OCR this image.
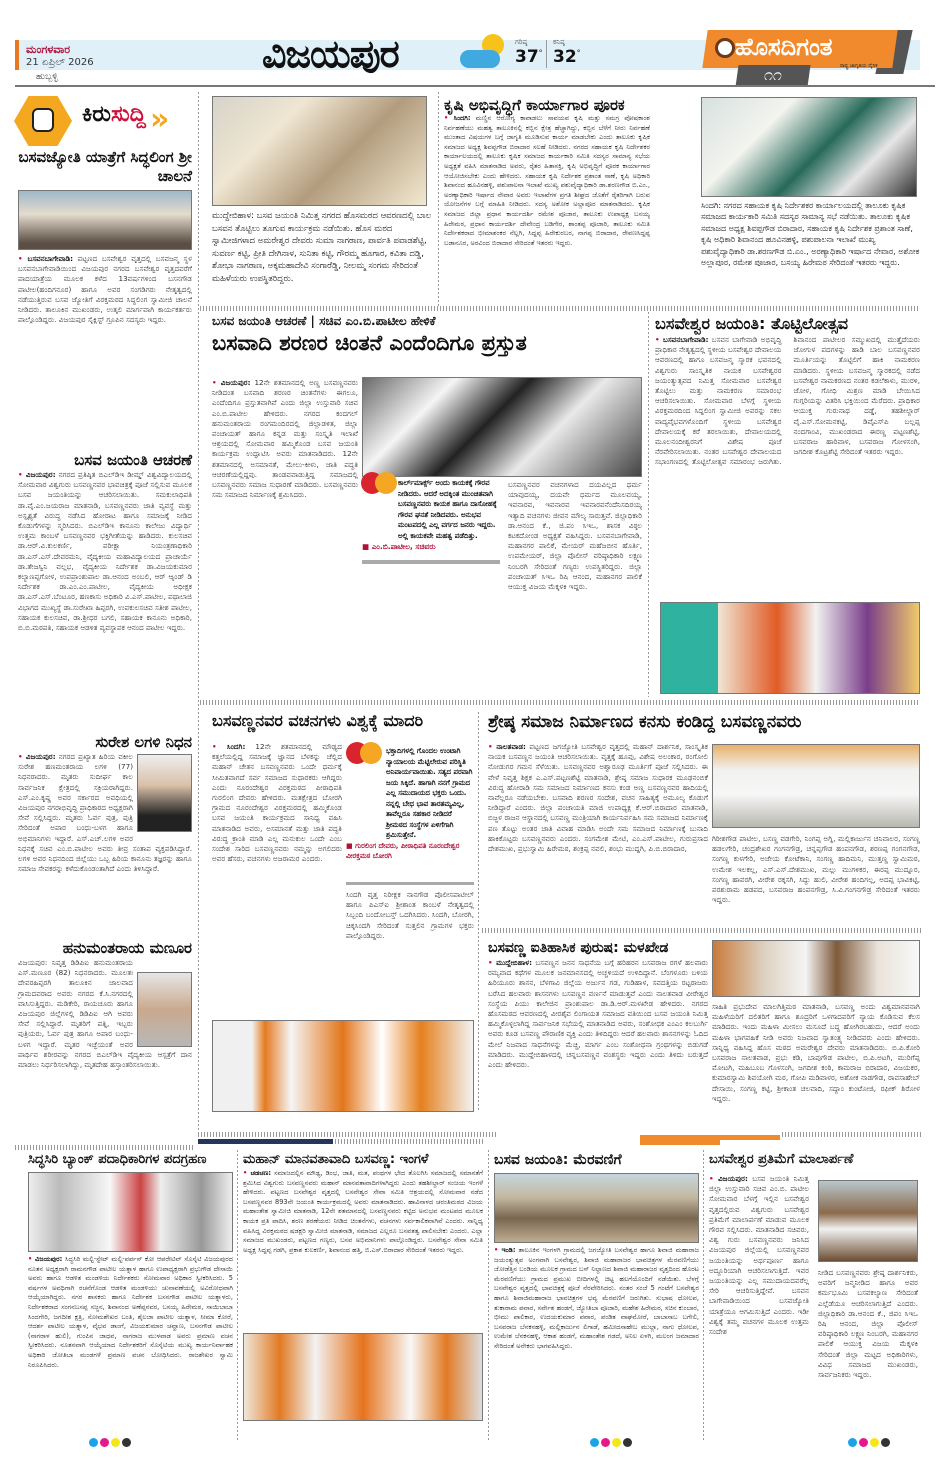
ಮಂಗಳವಾರ
21 ಏಪ್ರಿಲ್ 2026
ಹುಬ್ಬಳ್ಳಿ
ವಿಜಯಪುರ	ಗರಿಷ್ಠ
37°
ಕನಿಷ್ಠ
32°	ಹೊಸದಿಗಂತ
ರಾಷ್ಟ್ರ ಜಾಗೃತಿಯ ದೈನಿಕ
೧೧
ಕಿರುಸುದ್ದಿ »
ಬಸವಜ್ಯೋತಿ ಯಾತ್ರೆಗೆ ಸಿದ್ಧಲಿಂಗ ಶ್ರೀ ಚಾಲನೆ

• ಬಸವನಬಾಗೇವಾಡಿ: ಪಟ್ಟಣದ ಬಸವೇಶ್ವರ ವೃತ್ತದಲ್ಲಿ ಬಸವಜನ್ಮ ಸ್ಥಳ ಬಸವನಬಾಗೇವಾಡಿಯಿಂದ ವಿಜಯಪುರ ನಗರದ ಬಸವೇಶ್ವರ ವೃತ್ತದವರೆಗೆ ಪಾದಯಾತ್ರೆಯ ಮೂಲಕ ಕಳೆದ 13ವರ್ಷಗಳಿಂದ ಬಸನಗೌಡ ಪಾಟೀಲ(ಹಂದಿಗನೂರ) ಹಾಗೂ ಅವರ ಸಂಗಡಿಗರು ನೇತೃತ್ವದಲ್ಲಿ ನಡೆಯುತ್ತಿರುವ ಬಸವ ಜ್ಯೋತಿಗೆ ವಿರಕ್ತಮಠದ ಸಿದ್ಧಲಿಂಗ ಸ್ವಾಮೀಜಿ ಚಾಲನೆ ನೀಡಿದರು. ತಾಲೂಕಿನ ಮುಖಂಡರು, ಉತ್ಕಲಿ ಮಾರ್ಗವಾಗಿ ಕಾರ್ಯಕರ್ತರು ಪಾಲ್ಗೊಂಡಿದ್ದರು. ವಿಜಯಪುರ ಸೈಕ್ಲಿಸ್ಟ್ ಗ್ರೂಪಿನ ಸದಸ್ಯರು ಇದ್ದರು.

ಬಸವ ಜಯಂತಿ ಆಚರಣೆ

• ವಿಜಯಪುರ: ನಗರದ ಪ್ರತಿಷ್ಠಿತ ಬಿಎಲ್‌ಡಿಇ ಡೀಮ್ಡ್ ವಿಶ್ವವಿದ್ಯಾಲಯದಲ್ಲಿ ಸೋಮವಾರ ವಿಶ್ವಗುರು ಬಸವಣ್ಣನವರ ಭಾವಚಿತ್ರಕ್ಕೆ ಪೂಜೆ ಸಲ್ಲಿಸುವ ಮೂಲಕ ಬಸವ ಜಯಂತಿಯನ್ನು ಆಚರಿಸಲಾಯಿತು. ಸಮಕುಲಾಧಿಪತಿ ಡಾ.ವೈ.ಎಂ.ಜಯರಾಜ ಮಾತನಾಡಿ, ಬಸವಣ್ಣನವರು ಜಾತಿ ವ್ಯವಸ್ಥೆ ಮತ್ತು ಅಸ್ಪೃಶ್ಯತೆ ವಿರುದ್ಧ ನಡೆಸಿದ ಹೋರಾಟ ಹಾಗೂ ಸಮಾಜಕ್ಕೆ ನೀಡಿದ ಕೊಡುಗೆಗಳನ್ನು ಸ್ಮರಿಸಿದರು. ಬಿಎಲ್‌ಡಿಇ ಕಾನೂನು ಕಾಲೇಜು ವಿದ್ಯಾರ್ಥಿ ಉತ್ತಮ ಕಾಂಬಳೆ ಬಸವಣ್ಣನವರ ಭಕ್ತಿಗೀತೆಯನ್ನು ಹಾಡಿದರು. ಕುಲಸಚಿವ ಡಾ.ಆರ್.ವಿ.ಕುಲಕರ್ಣಿ, ಪರೀಕ್ಷಾ ನಿಯಂತ್ರಣಾಧಿಕಾರಿ ಡಾ.ಎಸ್.ಎಸ್.ದೇವರಮನಿ, ವೈದ್ಯಕೀಯ ಮಹಾವಿದ್ಯಾಲಯದ ಪ್ರಾಚಾರ್ಯೆ ಡಾ.ತೇಜಸ್ವಿನಿ ವಲ್ಲಭ, ವೈದ್ಯಕೀಯ ನಿರ್ದೇಶಕ ಡಾ.ವಿಜಯಕುಮಾರ ಕಲ್ಯಾಣಪ್ಪಗೋಳ, ಉಪಪ್ರಾಂಶುಪಾಲ ಡಾ.ಆನಂದ ಅಂಬಲಿ, ಆರ್ ಆ್ಯಂಡ್ ಡಿ ನಿರ್ದೇಶಕ ಡಾ.ಎಂ.ಎಂ.ಪಾಟೀಲ, ವೈದ್ಯಕೀಯ ಅಧೀಕ್ಷಕ ಡಾ.ಎಸ್.ಎಸ್.ಬೆಂಟೂರ, ಹಣಕಾಸು ಅಧಿಕಾರಿ ವಿ.ಎಸ್.ಪಾಟೀಲ, ಪಥಾಲಾಜಿ ವಿಭಾಗದ ಮುಖ್ಯಸ್ಥೆ ಡಾ.ಸುರೇಖಾ ಹಿಪ್ಪರಗಿ, ಉಪಕುಲಸಚಿವ ಸತೀಶ ಪಾಟೀಲ, ಸಹಾಯಕ ಕುಲಸಚಿವ, ಡಾ.ಶ್ರೀಧರ ಬಗಲಿ, ಸಹಾಯಕ ಕಾನೂನು ಅಧಿಕಾರಿ, ಬಿ.ಬಿ.ಮಠಪತಿ, ಸಹಾಯಕ ಆಡಳಿತ ವ್ಯವಸ್ಥಾಪಕ ಆನಂದ ಪಾಟೀಲ ಇದ್ದರು.

ಸುರೇಶ ಲಗಳಿ ನಿಧನ

• ವಿಜಯಪುರ: ನಗರದ ಪ್ರಖ್ಯಾತ ಹಿರಿಯ ವಕೀಲ ಸುರೇಶ ಹಣಮಂತರಾಯ ಲಗಳಿ (77) ನಿಧನರಾದರು. ಮೃತರು ಸುದೀರ್ಘ ಕಾಲ ಸಾರ್ವಜನಿಕ ಕ್ಷೇತ್ರದಲ್ಲಿ ಸಕ್ರಿಯರಾಗಿದ್ದರು. ಎಸ್.ಎಂ.ಕೃಷ್ಣ ಅವರ ಸರ್ಕಾರದ ಅವಧಿಯಲ್ಲಿ ವಿಜಯಪುರ ನಗರಾಭಿವೃದ್ಧಿ ಪ್ರಾಧಿಕಾರದ ಅಧ್ಯಕ್ಷರಾಗಿ ಸೇವೆ ಸಲ್ಲಿಸಿದ್ದರು. ಮೃತರು ಓರ್ವ ಪುತ್ರ, ಪುತ್ರಿ ಸೇರಿದಂತೆ ಅಪಾರ ಬಂಧು-ಬಳಗ ಹಾಗೂ ಅಭಿಮಾನಿಗಳು ಇದ್ದಾರೆ. ಎಸ್.ಎಚ್.ಲಗಳಿ ಅವರ ನಿಧನಕ್ಕೆ ಸಚಿವ ಎಂ.ಬಿ.ಪಾಟೀಲ ಅವರು ತೀವ್ರ ಸಂತಾಪ ವ್ಯಕ್ತಪಡಿಸಿದ್ದಾರೆ. ಲಗಳಿ ಅವರ ನಿಧನದಿಂದ ಜಿಲ್ಲೆಯು ಒಬ್ಬ ಹಿರಿಯ ಕಾನೂನು ತಜ್ಞರನ್ನು ಹಾಗೂ ಸಮಾಜ ಸೇವಕರನ್ನು ಕಳೆದುಕೊಂಡಂತಾಗಿದೆ ಎಂದು ತಿಳಿಸಿದ್ದಾರೆ.

ಹನುಮಂತರಾಯ ಮಣೂರ

ವಿಜಯಪುರ: ನಿವೃತ್ತ ಡಿಡಿಪಿಐ ಹನುಮಂತರಾಯ ಎಸ್.ಮಣೂರ (82) ನಿಧನರಾದರು. ಮೂಲತಃ ದೇವರಹಿಪ್ಪರಗಿ ತಾಲೂಕಿನ ಜಾಲವಾದ ಗ್ರಾಮದವರಾದ ಅವರು ನಗರದ ಕೆ.ಸಿ.ನಗರದಲ್ಲಿ ವಾಸಿಸುತ್ತಿದ್ದರು. ಮಡಿಕೇರಿ, ರಾಯಚೂರು ಹಾಗೂ ವಿಜಯಪುರ ಜಿಲ್ಲೆಗಳಲ್ಲಿ ಡಿಡಿಪಿಐ ಆಗಿ ಅವರು ಸೇವೆ ಸಲ್ಲಿಸಿದ್ದಾರೆ. ಮೃತರಿಗೆ ಪತ್ನಿ, ಇಬ್ಬರು ಪುತ್ರಿಯರು, ಓರ್ವ ಪುತ್ರ ಹಾಗೂ ಅಪಾರ ಬಂಧು-ಬಳಗ ಇದ್ದಾರೆ. ಮೃತರ ಇಚ್ಛೆಯಂತೆ ಅವರ ಪಾರ್ಥಿವ ಶರೀರವನ್ನು ನಗರದ ಬಿಎಲ್‌ಡಿಇ ವೈದ್ಯಕೀಯ ಆಸ್ಪತ್ರೆಗೆ ದಾನ ಮಾಡಲು ನಿರ್ಧರಿಸಲಾಗಿದ್ದು, ಮೃತದೇಹ ಹಸ್ತಾಂತರಿಸಲಾಯಿತು.

ಮುದ್ದೇಬಿಹಾಳ: ಬಸವ ಜಯಂತಿ ನಿಮಿತ್ತ ನಗರದ ಹೊಸಮಠದ ಆವರಣದಲ್ಲಿ ಬಾಲ ಬಸವನ ತೊಟ್ಟಿಲು ತೂಗುವ ಕಾರ್ಯಕ್ರಮ ನಡೆಯಿತು. ಹೊಸ ಮಠದ ಸ್ವಾಮೀಜಿಗಳಾದ ಅಮರೇಶ್ವರ ದೇವರು ಸುಮಾ ನಾಗಠಾಣ, ಪಾರ್ವತಿ ಪವಾಡಶೆಟ್ಟಿ, ಸುವರ್ಣ ಕಟ್ಟಿ, ಪ್ರೀತಿ ದೇಗಿನಾಳ, ಸುನಿತಾ ಕಟ್ಟಿ, ಗೌರಮ್ಮ ಹೂಗಾರ, ಕವಿತಾ ದಡ್ಡಿ, ಶೋಭಾ ನಾಗಠಾಣ, ಅಕ್ಕಮಹಾದೇವಿ ಸಂಗಾರೆಡ್ಡಿ, ನೀಲಮ್ಮ ಸಂಗಮ ಸೇರಿದಂತೆ ಮಹಿಳೆಯರು ಉಪಸ್ಥಿತರಿದ್ದರು.

ಕೃಷಿ ಅಭಿವೃದ್ಧಿಗೆ ಕಾರ್ಯಾಗಾರ ಪೂರಕ

• ಸಿಂದಗಿ: ಮಣ್ಣಿನ ಆರೋಗ್ಯ ಕಾಪಾಡಲು ಸಾವಯವ ಕೃಷಿ ಮತ್ತು ಸಮಗ್ರ ಪೋಷಕಾಂಶ ನಿರ್ವಹಣೆಯು ಮಹತ್ವ ತಾಲೂಕಿನಲ್ಲಿ ಕಬ್ಬಿನ ಕ್ಷೇತ್ರ ಹೆಚ್ಚಾಗಿದ್ದು, ಕಬ್ಬಿನ ಬೆಳೆಗೆ ನೀರು ನಿರ್ವಹಣೆ ಮುಂತಾದ ವಿಷಯಗಳ ಬಗ್ಗೆ ಜಾಗೃತಿ ಮೂಡಿಸುವ ಕಾರ್ಯ ಮಾಡಬೇಕು ಎಂದು ತಾಲೂಕು ಕೃಷಿಕ ಸಮಾಜದ ಅಧ್ಯಕ್ಷ ಶಿವಪ್ಪಗೌಡ ಬಿರಾದಾರ ಸಲಹೆ ನೀಡಿದರು. ನಗರದ ಸಹಾಯಕ ಕೃಷಿ ನಿರ್ದೇಶಕರ ಕಾರ್ಯಾಲಯದಲ್ಲಿ ತಾಲೂಕು ಕೃಷಿಕ ಸಮಾಜದ ಕಾರ್ಯಕಾರಿ ಸಮಿತಿ ಸದಸ್ಯರ ಸಾಮಾನ್ಯ ಸಭೆಯ ಅಧ್ಯಕ್ಷತೆ ವಹಿಸಿ ಮಾತನಾಡಿದ ಅವರು, ರೈತರ ಹಿತಾಸಕ್ತಿ, ಕೃಷಿ ಅಭಿವೃದ್ಧಿಗೆ ಪೂರಕ ಕಾರ್ಯಾಗಾರ ಆಯೋಜಿಸಬೇಕು ಎಂದು ಹೇಳಿದರು. ಸಹಾಯಕ ಕೃಷಿ ನಿರ್ದೇಶಕ ಪ್ರಶಾಂತ ಸಾಣೆ, ಕೃಷಿ ಅಧಿಕಾರಿ ಶಿವಾನಂದ ಹೂವಿನಹಳ್ಳಿ, ಪಶುಪಾಲನಾ ಇಲಾಖೆ ಮುಖ್ಯ ಪಶುವೈದ್ಯಾಧಿಕಾರಿ ಡಾ.ಶರಣಗೌಡ ಬಿ.ಎಂ., ಅರಣ್ಯಾಧಿಕಾರಿ ಇರ್ಷಾದ ನೇವಾರ ಅವರು ಇಲಾಖೆಗಳ ಪ್ರಗತಿ ಶೀಘ್ರದ ಜೊತೆಗೆ ರೈತರಿಗಾಗಿ ಬರುವ ಯೋಜನೆಗಳ ಬಗ್ಗೆ ಮಾಹಿತಿ ನೀಡಿದರು. ಸದಸ್ಯ ಅಶೋಕ ಅಲ್ಲಾಪೂರ ಮಾತನಾಡಿದರು. ಕೃಷಿಕ ಸಮಾಜದ ಜಿಲ್ಲಾ ಪ್ರಧಾನ ಕಾರ್ಯದರ್ಶಿ ರಮೇಶ ಪೂಜಾರ, ತಾಲೂಕು ಉಪಾಧ್ಯಕ್ಷ ಬಸಯ್ಯ ಹಿರೇಮಠ, ಪ್ರಧಾನ ಕಾರ್ಯದರ್ಶಿ ದೇವೇಂದ್ರ ಬಡಿಗೇರ, ಶಾಂತಪ್ಪ ಪೂಜಾರಿ, ತಾಲೂಕು ಸಮಿತಿ ನಿರ್ದೇಶಕರಾದ ಭೀಮಾಶಂಕರ ನೆಲ್ಲಗಿ, ಸಿದ್ದಪ್ಪ ಹಿರೇಕುರಬರ, ನಾಗಪ್ಪ ಬಿರಾದಾರ, ರೇವಣಸಿದ್ದಪ್ಪ ಬಡಾನೂರ, ಅರವಿಂದ ಬಿರಾದಾರ ಸೇರಿದಂತೆ ಇತರರು ಇದ್ದರು.

ಸಿಂದಗಿ: ನಗರದ ಸಹಾಯಕ ಕೃಷಿ ನಿರ್ದೇಶಕರ ಕಾರ್ಯಾಲಯದಲ್ಲಿ ತಾಲೂಕು ಕೃಷಿಕ ಸಮಾಜದ ಕಾರ್ಯಕಾರಿ ಸಮಿತಿ ಸದಸ್ಯರ ಸಾಮಾನ್ಯ ಸಭೆ ನಡೆಯಿತು. ತಾಲೂಕು ಕೃಷಿಕ ಸಮಾಜದ ಅಧ್ಯಕ್ಷ ಶಿವಪ್ಪಗೌಡ ಬಿರಾದಾರ, ಸಹಾಯಕ ಕೃಷಿ ನಿರ್ದೇಶಕ ಪ್ರಶಾಂತ ಸಾಣೆ, ಕೃಷಿ ಅಧಿಕಾರಿ ಶಿವಾನಂದ ಹೂವಿನಹಳ್ಳಿ, ಪಶುಪಾಲನಾ ಇಲಾಖೆ ಮುಖ್ಯ ಪಶುವೈದ್ಯಾಧಿಕಾರಿ ಡಾ.ಶರಣಗೌಡ ಬಿ.ಎಂ., ಅರಣ್ಯಾಧಿಕಾರಿ ಇರ್ಷಾದ ನೇವಾರ, ಅಶೋಕ ಅಲ್ಲಾಪೂರ, ರಮೇಶ ಪೂಜಾರ, ಬಸಯ್ಯ ಹಿರೇಮಠ ಸೇರಿದಂತೆ ಇತರರು ಇದ್ದರು.

ಬಸವ ಜಯಂತಿ ಆಚರಣೆ | ಸಚಿವ ಎಂ.ಬಿ.ಪಾಟೀಲ ಹೇಳಿಕೆ
ಬಸವಾದಿ ಶರಣರ ಚಿಂತನೆ ಎಂದೆಂದಿಗೂ ಪ್ರಸ್ತುತ

• ವಿಜಯಪುರ: 12ನೇ ಶತಮಾನದಲ್ಲಿ ಅಣ್ಣ ಬಸವಣ್ಣನವರು ನೀಡಿದಂತ ಬಸವಾದಿ ಶರಣರ ಚಿಂತನೆಗಳು ಈಗಲೂ, ಎಂದೆಂದಿಗೂ ಪ್ರಸ್ತುತವಾಗಿವೆ ಎಂದು ಜಿಲ್ಲಾ ಉಸ್ತುವಾರಿ ಸಚಿವ ಎಂ.ಬಿ.ಪಾಟೀಲ ಹೇಳಿದರು. ನಗರದ ಕಂದಗಲ್ ಹನುಮಂತರಾಯ ರಂಗಮಂದಿರದಲ್ಲಿ ಜಿಲ್ಲಾಡಳಿತ, ಜಿಲ್ಲಾ ಪಂಚಾಯತ್ ಹಾಗೂ ಕನ್ನಡ ಮತ್ತು ಸಂಸ್ಕೃತಿ ಇಲಾಖೆ ಆಶ್ರಯದಲ್ಲಿ ಸೋಮವಾರ ಹಮ್ಮಿಕೊಂಡ ಬಸವ ಜಯಂತಿ ಕಾರ್ಯಕ್ರಮ ಉದ್ಘಾಟಿಸಿ ಅವರು ಮಾತನಾಡಿದರು. 12ನೇ ಶತಮಾನದಲ್ಲಿ ಅಸಮಾನತೆ, ಮೇಲು-ಕೀಳು, ಜಾತಿ ಪದ್ಧತಿ ಆಚರಣೆಯಲ್ಲಿದ್ದವು. ತಾಂಡವವಾಡುತ್ತಿದ್ದ ಸಮಾಜದಲ್ಲಿ ಬಸವಣ್ಣನವರು ಸಮಾಜ ಸುಧಾರಣೆ ಮಾಡಿದರು. ಬಸವಣ್ಣನವರು ಸಮ ಸಮಾಜದ ನಿರ್ಮಾಣಕ್ಕೆ ಶ್ರಮಿಸಿದರು.

ಕಾರ್ಲ್‌ಮಾರ್ಕ್ಸ್ ಅಂದು ಕಾಯಕಕ್ಕೆ ಗೌರವ ನೀಡಿದರು. ಆದರೆ ಅದಕ್ಕಿಂತ ಮುಂಚಿತವಾಗಿ ಬಸವಣ್ಣನವರು ಕಾಯಕ ಹಾಗೂ ದಾಸೋಹಕ್ಕೆ ಗೌರವ ಘನತೆ ನೀಡಿದವರು. ಅನುಭವ ಮಂಟಪದಲ್ಲಿ ಎಲ್ಲ ವರ್ಗದ ಜನರು ಇದ್ದರು. ಅಲ್ಲಿ ಕಾಯಕವೇ ಮಹತ್ವ ಪಡೆದಿತ್ತು.

■ ಎಂ.ಬಿ.ಪಾಟೀಲ, ಸಚಿವರು

ಬಸವಣ್ಣನವರ ವಚನಗಳಾದ ದಯವಿಲ್ಲದ ಧರ್ಮ ಯಾವುದಯ್ಯ, ದಯವೇ ಧರ್ಮದ ಮೂಲವಯ್ಯ, ಇವನಾರವ, ಇವನಾರವ ಇವನಾರವನೆಂದೆನಿಸದಿರಯ್ಯ ಇತ್ಯಾದಿ ವಚನಗಳು ಜೀವನ ಮೌಲ್ಯ ಸಾರುತ್ತವೆ. ಜಿಲ್ಲಾಧಿಕಾರಿ ಡಾ.ಆನಂದ ಕೆ., ಜಿ.ಪಂ ಸಿಇಒ, ಶಾಸಕ ವಿಠ್ಠಲ ಕಟಕದೋಂಡ ಅಧ್ಯಕ್ಷತೆ ವಹಿಸಿದ್ದರು. ಬಸವನಬಾಗೇವಾಡಿ, ಮಹಾನಗರ ಪಾಲಿಕೆ, ಮೇಯರ್ ಮಹೆಜಬೀನ ಹೊರ್ತಿ, ಉಪಮೇಯರ್, ಜಿಲ್ಲಾ ಪೊಲೀಸ್ ವರಿಷ್ಠಾಧಿಕಾರಿ ಲಕ್ಷ್ಮಣ ನಿಂಬರಗಿ ಸೇರಿದಂತೆ ಗಣ್ಯರು ಉಪಸ್ಥಿತರಿದ್ದರು. ಜಿಲ್ಲಾ ಪಂಚಾಯತ್ ಸಿಇಒ ರಿಷಿ ಆನಂದ, ಮಹಾನಗರ ಪಾಲಿಕೆ ಆಯುಕ್ತ ವಿಜಯ ಮೆಕ್ಕಳಕಿ ಇದ್ದರು.

ಬಸವೇಶ್ವರ ಜಯಂತಿ: ತೊಟ್ಟಿಲೋತ್ಸವ

• ಬಸವನಬಾಗೇವಾಡಿ: ಬಸವನ ಬಾಗೇವಾಡಿ ಅಭಿವೃದ್ಧಿ ಪ್ರಾಧಿಕಾರ ನೇತೃತ್ವದಲ್ಲಿ ಸ್ಥಳೀಯ ಬಸವೇಶ್ವರ ದೇವಾಲಯ ಆವರಣದಲ್ಲಿ ಹಾಗೂ ಬಸವಜನ್ಮ ಸ್ಮಾರಕ ಭವನದಲ್ಲಿ ವಿಶ್ವಗುರು ಸಾಂಸ್ಕೃತಿಕ ನಾಯಕ ಬಸವೇಶ್ವರರ ಜಯಂತ್ಯುತ್ಸವದ ನಿಮಿತ್ತ ಸೋಮವಾರ ಬಸವೇಶ್ವರ ತೊಟ್ಟಿಲು ಮತ್ತು ನಾಮಕರಣ ಸಮಾರಂಭ ಆಚರಿಸಲಾಯಿತು. ಸೋಮವಾರ ಬೆಳಗ್ಗೆ ಸ್ಥಳೀಯ ವಿರಕ್ತಮಠದಿಂದ ಸಿದ್ದಲಿಂಗ ಸ್ವಾಮೀಜಿ ಅವರನ್ನು ಸಕಲ ವಾದ್ಯವೈಭವಗಳೊಂದಿಗೆ ಸ್ಥಳೀಯ ಬಸವೇಶ್ವರ ದೇವಾಲಯಕ್ಕೆ ಕರೆ ತರಲಾಯಿತು, ದೇವಾಲಯದಲ್ಲಿ ಮೂಲನಂದೀಶ್ವರನಿಗೆ ವಿಶೇಷ ಪೂಜೆ ನೆರವೇರಿಸಲಾಯಿತು. ನಂತರ ಬಸವೇಶ್ವರ ದೇವಾಲಯದ ಸಭಾಂಗಣದಲ್ಲಿ ತೊಟ್ಟಿಲೋತ್ಸವ ಸಮಾರಂಭ ಜರುಗಿತು. ಶಿವಾನಂದ ಪಾಟೀಲರ ಸಮ್ಮುಖದಲ್ಲಿ ಮುತ್ತೈದೆಯರು ಜೋಗುಳ ಪದಗಳನ್ನು ಹಾಡಿ ಬಾಲ ಬಸವಣ್ಣನವರ ಮೂರ್ತಿಯನ್ನು ತೊಟ್ಟಿಲಿಗೆ ಹಾಕಿ ನಾಮಕರಣ ಮಾಡಿದರು. ಸ್ಥಳೀಯ ಬಸವಜನ್ಮ ಸ್ಮಾರಕದಲ್ಲಿ ನಡೆದ ಬಸವೇಶ್ವರ ನಾಮಕರಣದ ನಂತರ ಕಡಲೆಕಾಳು, ಮುರಳಿ, ಜೋಳ, ಗೋಧಿ ಮಿಶ್ರಣ ಮಾಡಿ ಬೇಯಿಸಿದ ಗುಗ್ಗರಿಯನ್ನು ವಿತರಿಸಿ ಭಕ್ತಿಯಿಂದ ಮೆರೆದರು. ಪ್ರಾಧಿಕಾರ ಆಯುಕ್ತ ಗುರುನಾಥ ದಡ್ಡೆ, ತಹಶೀಲ್ದಾರ್ ವೈ.ಎಸ್.ಸೋಮನಕಟ್ಟಿ, ಡಿವೈಎಸ್‌ಪಿ ಬಲ್ಲಪ್ಪ ನಂದಗಾಂವಿ, ಮುಖಂಡರಾದ ಈರಣ್ಣ ಪಟ್ಟಣಶೆಟ್ಟಿ, ಬಸವರಾಜ ಹಾರಿವಾಳ, ಬಸವರಾಜ ಗೋಳಸಂಗಿ, ಜಗದೀಶ ಕೊಟ್ರಶೆಟ್ಟಿ ಸೇರಿದಂತೆ ಇತರರು ಇದ್ದರು.

ಬಸವಣ್ಣನವರ ವಚನಗಳು ವಿಶ್ವಕ್ಕೆ ಮಾದರಿ

• ಸಿಂದಗಿ: 12ನೇ ಶತಮಾನದಲ್ಲಿ ಮೌಢ್ಯದ ಕತ್ತಲೆಯಲ್ಲಿದ್ದ ಸಮಾಜಕ್ಕೆ ಜ್ಞಾನದ ಬೆಳಕನ್ನು ಚೆಲ್ಲಿದ ಮಹಾನ್ ಚೇತನ ಬಸವಣ್ಣನವರು ಒಂದೇ ಧರ್ಮಕ್ಕೆ ಸೀಮಿತವಾಗದೆ ಸರ್ವ ಸಮಾಜದ ಸುಧಾರಕರು ಆಗಿದ್ದರು ಎಂದು ನೂರಂದೇಶ್ವರ ವಿರಕ್ತಮಠದ ಪೀಠಾಧಿಪತಿ ಗುರಲಿಂಗ ದೇವರು ಹೇಳಿದರು. ಮತಕ್ಷೇತ್ರದ ಬೋರಗಿ ಗ್ರಾಮದ ನೂರಂದೇಶ್ವರ ವಿರಕ್ತಮಠದಲ್ಲಿ ಹಮ್ಮಿಕೊಂಡ ಬಸವ ಜಯಂತಿ ಕಾರ್ಯಕ್ರಮದ ಸಾನಿಧ್ಯ ವಹಿಸಿ ಮಾತನಾಡಿದ ಅವರು, ಅಸಮಾನತೆ ಮತ್ತು ಜಾತಿ ಪದ್ಧತಿ ವಿರುದ್ಧ ಕ್ರಾಂತಿ ಮಾಡಿ ಎಲ್ಲ ಮನುಕುಲ ಒಂದೇ ಎಂಬ ಸಂದೇಶ ಸಾರಿದ ಬಸವಣ್ಣನವರು ನಮ್ಮನ್ನು ಅಗಲಿದರು ಅವರ ಹೆಸರು, ವಚನಗಳು ಅಜರಾಮರ ಎಂದರು.

ಭಕ್ತಾದಿಗಳಲ್ಲಿ ಗೊಂದಲ ಉಂಟಾಗಿ ನ್ಯಾಯಾಲಯ ಮೆಟ್ಟಿಲೇರುವ ಪರಿಸ್ಥಿತಿ ಅನಿವಾರ್ಯವಾಯಿತು. ಸತ್ಯದ ಪರವಾಗಿ ಜಯ ಸಿಕ್ಕಿದೆ. ಹಾಗಾಗಿ ನನಗೆ ಗ್ರಾಮದ ಎಲ್ಲ ಸಮುದಾಯದ ಭಕ್ತರು ಒಂದು. ನನ್ನಲ್ಲಿ ಬೇಧ ಭಾವ ತಾರತಮ್ಯವಿಲ್ಲ, ತಾವೆಲ್ಲರೂ ಸಹಕಾರ ನೀಡಿದರೆ ಶ್ರೀಮಠದ ಸಂಸ್ಥೆಗಳ ಏಳಿಗೆಗಾಗಿ ಶ್ರಮಿಸುತ್ತೇನೆ.

■ ಗುರಲಿಂಗ ದೇವರು, ಪೀಠಾಧಿಪತಿ ನೂರಂದೇಶ್ವರ ವೀರಕ್ತಮಠ ಬೋರಗಿ

ಸಿಂದಗಿ ವೃತ್ತ ನಿರೀಕ್ಷಕ ನಾನಗೌಡ ಪೊಲೀಸಪಾಟೀಲ್ ಹಾಗೂ ಪಿಎಸ್‌ಐ ಶ್ರೀಶಾಂತ ಕಾಂಬಳೆ ನೇತೃತ್ವದಲ್ಲಿ ಸಿಬ್ಬಂದಿ ಬಂದೋಬಸ್ತ್ ಒದಗಿಸಿದರು. ಸಿಂದಗಿ, ಬೋರಗಿ, ಚಿಕ್ಕಸಿಂದಗಿ ಸೇರಿದಂತೆ ಸುತ್ತಲಿನ ಗ್ರಾಮಗಳ ಭಕ್ತರು ಪಾಲ್ಗೊಂಡಿದ್ದರು.

ಶ್ರೇಷ್ಠ ಸಮಾಜ ನಿರ್ಮಾಣದ ಕನಸು ಕಂಡಿದ್ದ ಬಸವಣ್ಣನವರು

• ನಾಲತವಾಡ: ಪಟ್ಟಣದ ಜಗಜ್ಯೋತಿ ಬಸವೇಶ್ವರ ವೃತ್ತದಲ್ಲಿ ಮಹಾನ್ ದಾರ್ಶನಿಕ, ಸಾಂಸ್ಕೃತಿಕ ನಾಯಕ ಬಸವಣ್ಣನ ಜಯಂತಿ ಆಚರಿಸಲಾಯಿತು. ವೃತ್ತಕ್ಕೆ ಹೂವು, ವಿಶೇಷ ಅಲಂಕಾರ, ರಂಗೋಲಿ ನೋಡುಗರ ಗಮನ ಸೆಳೆಯಿತು. ಬಸವಣ್ಣನವರ ಅಶ್ವಾರೂಢ ಮೂರ್ತಿಗೆ ಪೂಜೆ ಸಲ್ಲಿಸಿದರು. ಈ ವೇಳೆ ನಿವೃತ್ತ ಶಿಕ್ಷಕ ಎ.ಎಸ್.ಪಟ್ಟಣಶೆಟ್ಟಿ ಮಾತನಾಡಿ, ಶ್ರೇಷ್ಠ ಸಮಾಜ ಸುಧಾರಕ ಮೂಢನಂಬಿಕೆ ವಿರುದ್ಧ ಹೋರಾಡಿ ಸಮ ಸಮಾಜದ ನಿರ್ಮಾಣದ ಕನಸು ಕಂಡ ಅಣ್ಣ ಬಸವಣ್ಣನವರ ಹಾದಿಯಲ್ಲಿ ನಾವೆಲ್ಲರೂ ನಡೆಯಬೇಕು. ಬಸವಾದಿ ಶರಣರ ಸಂದೇಶ, ವಚನ ಸಾಹಿತ್ಯಕ್ಕೆ ಅಮೂಲ್ಯ ಕೊಡುಗೆ ನೀಡಿದ್ದಾರೆ ಎಂದರು. ಜಿಲ್ಲಾ ಪಂಚಾಯತಿ ಮಾಜಿ ಉಪಾಧ್ಯಕ್ಷ ಕೆ.ಆರ್.ಬಿರಾದಾರ ಮಾತನಾಡಿ, ಬಿಜ್ಜಳ ರಾಜನ ಆಸ್ಥಾನದಲ್ಲಿ ಬಸವಣ್ಣ ಮಂತ್ರಿಯಾಗಿ ಕಾರ್ಯನಿರ್ವಹಿಸಿ ಸಮ ಸಮಾಜದ ನಿರ್ಮಾಣಕ್ಕೆ ಪಣ ತೊಟ್ಟು ಅಂತರ ಜಾತಿ ವಿವಾಹ ಮಾಡಿಸಿ ಅಂದೇ ಸಮ ಸಮಾಜದ ನಿರ್ಮಾಣಕ್ಕೆ ಬುನಾದಿ ಹಾಕಿಕೊಟ್ಟರು ಬಸವಣ್ಣನವರು ಎಂದರು. ಸಂಗಮೇಶ ಮೇಟಿ, ಎಂ.ಎಸ್.ಪಾಟೀಲ, ಗುರುಪ್ರಸಾದ ದೇಶಮುಖ, ಪ್ರಭುಸ್ವಾಮಿ ಹಿರೇಮಠ, ಶಂಕ್ರಪ್ಪ ನವಲಿ, ಶಂಭು ಮುದ್ದಗಿ, ಪಿ.ಬಿ.ಬಿರಾದಾರ,

ಗಿರೀಶಗೌಡ ಪಾಟೀಲ, ಬಸಣ್ಣ ವಡಗೇರಿ, ನಿಂಗಪ್ಪ ಅಗ್ನಿ, ಮಲ್ಲಿಕಾರ್ಜುನ ಚನಿವಾಲರ, ಸಂಗಣ್ಣ ಹಡಲಗೇರಿ, ಚಂದ್ರಶೇಖರ ಗಂಗನಗೌಡ್ರ, ಚನ್ನಪ್ಪಗೌಡ ಹಂಪನಗೌಡ, ಶರಣಪ್ಪ ಗಂಗನಗೌಡ, ಸಂಗಣ್ಣ ಕುಳಗೇರಿ, ಅಜೇಯ ಕೋಟೆಕಾನಿ, ಸಂಗಣ್ಣ ಹಾದಿಮನಿ, ಮುತ್ತಣ್ಣ ಸ್ವಾಮಿಮಠ, ಉಮೇಶ ಇಲಕಲ್ಲ, ಎಸ್.ಎಸ್.ದೇಶಮುಖ, ಮಲ್ಲು ಮುಗಳಿಕರ, ಈರಪ್ಪ ಮುದ್ನೂರ, ಸಂಗಣ್ಣ ಹಾವರಗಿ, ವೀರೇಶ ರಕ್ಕಸಗಿ, ಸಿದ್ದು ಹುಲಿ, ವೀರೇಶ ಹಂದಿಗಲ್ಲ, ಅದಪ್ಪ ಭಾವಿಕಟ್ಟಿ, ಪರಶುರಾಮ ಹಡಪದ, ಬಸವರಾಜ ಹಂಪನಗೌಡ್ರ, ಸಿ.ವಿ.ಗಂಗನಗೌಡ್ರ ಸೇರಿದಂತೆ ಇತರರು ಇದ್ದರು.

ಬಸವಣ್ಣ ಐತಿಹಾಸಿಕ ಪುರುಷ: ಮಳಖೇಡ

• ಮುದ್ದೇಬಿಹಾಳ: ಬಸವಣ್ಣನ ಜನನ ಸಾಧನೆಯ ಬಗ್ಗೆ ಹರಿಹರನ ಬಸವರಾಜ ರಗಳೆ ಹಲವಾರು ರಮ್ಯವಾದ ಕಥೆಗಳ ಮೂಲಕ ಜನಮಾನಸದಲ್ಲಿ ಅಚ್ಚಳಿಯದೆ ಉಳಿದಿದ್ದಾನೆ. ಬೆಂಗಳೂರು ಬಳಿಯ ಹಿರಿಯೂರು ಶಾಸನ, ಬೆಳಗಾವಿ ಜಿಲ್ಲೆಯ ಅರ್ಜುನ ಗಡ, ಗುಡಿಹಾಳ, ಸವದತ್ತಿಯ ರಟ್ಟರಾಜರು ಬರೆಸಿದ ಹಲವಾರು ಶಾಸನಗಳು ಬಸವಣ್ಣನ ವರ್ಣನೆ ಮಾಡುತ್ತವೆ ಎಂದು ನಾಲತವಾಡ ವೀರೇಶ್ವರ ಸಂಸ್ಥೆಯ ಪಿಯು ಕಾಲೇಜಿನ ಪ್ರಾಂಶುಪಾಲ ಡಾ.ಡಿ.ಆರ್.ಮಳಖೇಡ ಹೇಳಿದರು. ನಗರದ ಹೊಸಮಠದ ಆವರಣದಲ್ಲಿ ವೀರಶೈವ ಲಿಂಗಾಯತ ಸಮಾಜದ ವತಿಯಿಂದ ಬಸವ ಜಯಂತಿ ನಿಮಿತ್ತ ಹಮ್ಮಿಕೊಳ್ಳಲಾಗಿದ್ದ ಸಾರ್ವಜನಿಕ ಸಭೆಯಲ್ಲಿ ಮಾತನಾಡಿದ ಅವರು, ಸಂಶೋಧಕ ಎಂಎಂ ಕಲಬುರ್ಗಿ ಅವರು ಕೂಡ ಬಸವಣ್ಣ ಪೌರಾಣಿಕ ವ್ಯಕ್ತಿ ಎಂದು ತಿಳಿದಿದ್ದರು ಆದರೆ ಹಲವಾರು ಶಾಸನಗಳನ್ನು ಓದಿದ ಮೇಲೆ ನಿಜವಾದ ಸಾಧನೆಗಳನ್ನು ಮೆಚ್ಚಿ, ಮಾರ್ಗ ಎಂಬ ಸಂಶೋಧನಾ ಗ್ರಂಥಗಳನ್ನು ಬಿಡುಗಡೆ ಮಾಡಿದರು. ಮುದ್ದೇಬಿಹಾಳದಲ್ಲಿ ಚನ್ನಬಸವಣ್ಣನ ವಂಶಸ್ಥರು ಇದ್ದರು ಎಂದು ತಿಳಿದು ಬರುತ್ತದೆ ಎಂದು ಹೇಳಿದರು.

ಸಾಹಿತಿ ಪ್ರಭುದೇವ ಮಾಲಗಿತ್ತಿಮಠ ಮಾತನಾಡಿ, ಬಸವಣ್ಣ ಅಂದು ವಿಶ್ವಮಾನವನಾಗಿ ಮಹಿಳೆಯರಿಗೆ ದಲಿತರಿಗೆ ಹಾಗೂ ಶೂದ್ರರಿಗೆ ಒಳಗಾದವರಿಗೆ ನ್ಯಾಯ ಕೊಡಿಸುವ ಕೆಲಸ ಮಾಡಿದರು. ಇಂದು ಮಹಿಳಾ ಮೀಸಲು ಮಸೂದೆ ಬದ್ಧ ಹೋಗಿರಬಹುದು, ಆದರೆ ಅಂದು ಮಹಿಳಾ ಭಾಗವಹಿಕೆ ನೀಡಿ ಅವರು ನಿಜವಾದ ಸ್ವಾತಂತ್ರ್ಯ ನೀಡಿದವರು ಎಂದು ಹೇಳಿದರು. ಸಾನ್ನಿಧ್ಯ ವಹಿಸಿದ್ದ ಹೊಸ ಮಠದ ಅಮರೇಶ್ವರ ದೇವರು ಮಾತನಾಡಿದರು. ಬಿ.ಪಿ.ಕೋರಿ ಬಸವರಾಜ ನಾಲತವಾಡ, ಪ್ರಭು ಕಡಿ, ಬಾಪುಗೌಡ ಪಾಟೀಲ, ಬಿ.ಪಿ.ಅಟಗಿ, ಮುರಿಗೆಪ್ಪ ಮೋಟಗಿ, ಮಹಿಬೂಬ ಗೊಳಸಂಗಿ, ಜಗದೀಶ ಕಂಠಿ, ಕಾಮರಾಜ ಬಿರಾದಾರ, ವಿಜಯಕರ, ಕುಮಾರಸ್ವಾಮಿ ಶಿವಯೋಗಿ ಮಠ, ಗೋಪಿ ಮಡಿವಾಳರ, ಅಶೋಕ ನಾಡಗೌಡ, ರಾವಸಾಹೇಬ್ ದೇಸಾಯಿ, ಸಂಗಣ್ಣ ಕಟ್ಟಿ, ಶ್ರೀಕಾಂತ ಚಲವಾದಿ, ಸದ್ದಾಂ ಕುಂಟೋಜಿ, ರಫೀಕ್ ಶಿರೋಳ ಇದ್ದರು.

ಸಿದ್ಧಸಿರಿ ಬ್ಯಾಂಕ್ ಪದಾಧಿಕಾರಿಗಳ ಪದಗ್ರಹಣ

• ವಿಜಯಪುರ: ಸಿದ್ಧಸಿರಿ ಮಲ್ಟಿ-ಸ್ಟೇಟ್ ಮಲ್ಟಿ-ಪರ್ಪಸ್ ಕೋ ಆಪರೇಟಿವ್ ಸೊಸೈಟಿ ವಿಜಯಪುರದ ನೂತನ ಅಧ್ಯಕ್ಷರಾಗಿ ರಾಮನಗೌಡ ಪಾಟೀಲ ಯತ್ನಾಳ ಹಾಗೂ ಉಪಾಧ್ಯಕ್ಷರಾಗಿ ಪ್ರಭುಗೌಡ ದೇಸಾಯಿ ಅವರು ಹಾಗೂ ಆಡಳಿತ ಮಂಡಳಿಯ ನಿರ್ದೇಶಕರು ಸೋಮವಾರ ಅಧಿಕಾರ ಸ್ವೀಕರಿಸಿದರು. 5 ವರ್ಷಗಳ ಅವಧಿಗಾಗಿ ರಚನೆಗೊಂಡ ಆಡಳಿತ ಮಂಡಳಿಯು ಚುನಾವಣೆಯಲ್ಲಿ ಅವಿರೋಧವಾಗಿ ಆಯ್ಕೆಯಾಗಿದ್ದರು. ನಗರ ಶಾಸಕರು ಹಾಗೂ ನಿರ್ದೇಶಕ ಬಸನಗೌಡ ಪಾಟೀಲ ಯತ್ನಾಳರು, ನಿರ್ದೇಶಕರಾದ ಸಂಗನಬಸಪ್ಪ ಸಜ್ಜನ, ಶಿವಾನಂದ ಅಣೆಪ್ಪನವರ, ಬಸಯ್ಯ ಹಿರೇಮಠ, ಸಾಯಿಬಾಬಾ ಸಿಂದಗೇರಿ, ಜಗದೀಶ ಕ್ಷತ್ರಿ, ಸೋಮಶೇಖರ ಬಂತಿ, ಶೈಲಜಾ ಪಾಟೀಲ ಯತ್ನಾಳ, ಸೀಮಾ ಕೋರೆ, ಆದರ್ಶ ಪಾಟೀಲ ಯತ್ನಾಳ, ವೈಭವ ಡಾಂಗೆ, ವಿಜಯಕುಮಾರ ಚವ್ಹಾಣ, ಬಸನಗೌಡ ಪಾಟೀಲ (ನಾಗರಾಳ ಹುಲಿ), ಗುಂಪಿನ ಜಾಧವ, ನಾಗರಾಜ ಮುಳವಾಡ ಅವರು ಪ್ರಮಾಣ ವಚನ ಸ್ವೀಕರಿಸಿದರು. ನೂತನವಾಗಿ ಆಯ್ಕೆಯಾದ ನಿರ್ದೇಶಕರಿಗೆ ಸೊಸೈಟಿಯ ಮುಖ್ಯ ಕಾರ್ಯನಿರ್ವಾಹಕ ಅಧಿಕಾರಿ ಜೋತಿಬಾ ಮಂಡಗಳೆ ಪ್ರಮಾಣ ವಚನ ಬೋಧಿಸಿದರು. ರಾಜಶೇಖರ ಸ್ವಾಮಿ ನಿರೂಪಿಸಿದರು.

ಮಹಾನ್ ಮಾನವತಾವಾದಿ ಬಸವಣ್ಣ: ಇಂಗಳೆ

• ಚಡಚಣ: ಸಮಾಜದಲ್ಲಿನ ಮೌಢ್ಯ, ಡಿಂಭ, ಜಾತಿ, ಮತ, ಪಂಥಗಳ ಭೇದ ತೊಲಗಿಸಿ ಸಮಾಜದಲ್ಲಿ ಸಮಾನತೆಗೆ ಶ್ರಮಿಸಿದ ವಿಶ್ವಗುರು ಬಸವಣ್ಣನವರು ಮಹಾನ್ ಮಾನವತಾವಾದಿಗಳಾಗಿದ್ದರು ಎಂದು ತಹಶೀಲ್ದಾರ್ ಸಂಜಯ ಇಂಗಳೆ ಹೇಳಿದರು. ಪಟ್ಟಣದ ಬಸವೇಶ್ವರ ವೃತ್ತದಲ್ಲಿ ಬಸವೇಶ್ವರ ಸೇವಾ ಸಮಿತಿ ಆಶ್ರಯದಲ್ಲಿ ಸೋಮವಾರ ನಡೆದ ಬಸವಣ್ಣನವರ 893ನೇ ಜಯಂತಿ ಕಾರ್ಯಕ್ರಮದಲ್ಲಿ ಅವರು ಮಾತನಾಡಿದರು. ಹಾವಿನಾಳದ ಚರಂತಿಮಠದ ವಿಜಯ ಮಹಾಂತೇಶ ಸ್ವಾಮೀಜಿ ಮಾತನಾಡಿ, 12ನೇ ಶತಮಾನದಲ್ಲಿ ಬಸವಣ್ಣನವರು ಕಟ್ಟಿದ ಅನುಭವ ಮಂಟಪದ ಮೂಲಕ ಕಾಯಕ ಪ್ರತಿ ಪಾದಿಸಿ, ಶರಣ ಶರಣೆಯರು ನೀಡಿದ ಚಿಂತನೆಗಳು, ವಚನಗಳು ಸರ್ವಕಾಲಿಕವಾಗಿವೆ ಎಂದರು. ಸಾನ್ನಿಧ್ಯ ವಹಿಸಿದ್ದ ವಿರಕ್ತಮಠದ ಷಡಕ್ಷರಿ ಸ್ವಾಮೀಜಿ ಮಾತನಾಡಿ, ಸಮಾಜದ ಎಲ್ಲರೂ ಬಸವತತ್ವ ಪಾಲಿಸಬೇಕು ಎಂದರು. ಎಲ್ಲಾ ಸಮಾಜದ ಮುಖಂಡರು, ಪಟ್ಟಣದ ಗಣ್ಯರು, ಬಸವ ಅಭಿಮಾನಿಗಳು ಪಾಲ್ಗೊಂಡಿದ್ದರು. ಬಸವೇಶ್ವರ ಸೇವಾ ಸಮಿತಿ ಅಧ್ಯಕ್ಷ ಸಿದ್ದಪ್ಪ ಗಡಗಿ, ಪ್ರಕಾಶ ಕುಲಕರ್ಣಿ, ಶಿವಾನಂದ ಹತ್ತಿ, ಬಿ.ಎಸ್.ಬಿರಾದಾರ ಸೇರಿದಂತೆ ಇತರರು ಇದ್ದರು.

ಬಸವ ಜಯಂತಿ: ಮೆರವಣಿಗೆ

• ಇಂಡಿ: ತಾಲೂಕಿನ ಇಂಗಳಗಿ ಗ್ರಾಮದಲ್ಲಿ ಜಗಜ್ಯೋತಿ ಬಸವೇಶ್ವರ ಹಾಗೂ ಶಿವಾಜಿ ಮಹಾರಾಜ ಜಯಂತ್ಯುತ್ಸವ ಅಂಗವಾಗಿ ಬಸವೇಶ್ವರ, ಶಿವಾಜಿ ಮಹಾರಾಜರ ಭಾವಚಿತ್ರಗಳ ಮೆರವಣಿಗೆಯು ಜೋಡೆತ್ತಿನ ಬಂಡಿಯ ಮೂಲಕ ಗ್ರಾಮದ ಬಸ್ ನಿಲ್ದಾಣದ ಶಿವಾಜಿ ಮಹಾರಾಜರ ವೃತ್ತದಿಂದ ಹೊರಟ ಮೆರವಣಿಗೆಯು ಗ್ರಾಮದ ಪ್ರಮುಖ ಬೀದಿಗಳಲ್ಲಿ ಚಿಟ್ಟ ಹಲಗೆಯೊಂದಿಗೆ ನಡೆಯಿತು. ಬೆಳಗ್ಗೆ ಬಸವೇಶ್ವರ ವೃತ್ತದಲ್ಲಿ ಭಾವಚಿತ್ರಕ್ಕೆ ಪೂಜೆ ನೆರವೇರಿಸಿದರು. ನಂತರ ಸಂಜೆ 5 ಗಂಟೆಗೆ ಬಸವೇಶ್ವರ ಹಾಗೂ ಶಿವಾಜಿಮಹಾರಾಜ ಭಾವಚಿತ್ರಗಳ ಭವ್ಯ ಮೆರವಣಿಗೆ ಜರುಗಿತು. ಸುಭಾಷ ಧೋಲಪ, ತುಕಾರಾಮ ಪವಾರ, ಸರ್ವೇಶ ಹಂಡಗೆ, ಜ್ಯೋತಿಬಾ ಪೂಜಾರಿ, ಮಹೇಶ ಹಿರೇಮಠ, ಸಚಿನ ಕುಂಬಾರ, ಭೀಮು ಪಾಲಿಕಾರ, ಉದಯಕುಮಾರ ಪವಾರ, ಪಂಡಿತ ವಾಘಮೋರೆ, ಬಾಬಾಸಾಬ ಬಗೇಲಿ, ಬಸವರಾಜ ಬೆನಕನಹಳ್ಳಿ, ಮಲ್ಲಿಕಾರ್ಜುನ ಲಿಗಾಡೆ, ಹಮೀದಸಾಹೇಬ ಮುಲ್ಲಾ, ನಾಗು ಧೋಲಪ, ಉಮೇಶ ಬೆನಕನಹಳ್ಳಿ, ಆಕಾಶ ಹಂಡಗೆ, ಮಹಾಂತೇಶ ಗಡದೆ, ಅನಿಲ ಏಳಗಿ, ಮಲಂಗ ಜಮಾದಾರ ಸೇರಿದಂತೆ ಅನೇಕರು ಭಾಗವಹಿಸಿದ್ದರು.

ಬಸವೇಶ್ವರ ಪ್ರತಿಮೆಗೆ ಮಾಲಾರ್ಪಣೆ

• ವಿಜಯಪುರ: ಬಸವ ಜಯಂತಿ ನಿಮಿತ್ತ ಜಿಲ್ಲಾ ಉಸ್ತುವಾರಿ ಸಚಿವ ಎಂ.ಬಿ. ಪಾಟೀಲ ಸೋಮವಾರ ಬೆಳಗ್ಗೆ ಇಲ್ಲಿನ ಬಸವೇಶ್ವರ ವೃತ್ತದಲ್ಲಿರುವ ವಿಶ್ವಗುರು ಬಸವೇಶ್ವರ ಪ್ರತಿಮೆಗೆ ಮಾಲಾರ್ಪಣೆ ಮಾಡುವ ಮೂಲಕ ಗೌರವ ಸಲ್ಲಿಸಿದರು. ಮಾತನಾಡಿದ ಸಚಿವರು, ವಿಶ್ವ ಗುರು ಬಸವಣ್ಣನವರು ಜನಿಸಿದ ವಿಜಯಪುರ ಜಿಲ್ಲೆಯಲ್ಲಿ ಬಸವಣ್ಣನವರ ಜಯಂತಿಯನ್ನು ಅರ್ಥಪೂರ್ಣ ಹಾಗೂ ಅದ್ದೂರಿಯಾಗಿ ಆಚರಿಸಲಾಗುತ್ತಿದೆ. ಇವರ ಜಯಂತಿಯನ್ನು ಎಲ್ಲ ಸಮುದಾಯದವರೆಲ್ಲ ಸೇರಿ ಆಚರಿಸುತ್ತಿದ್ದೇವೆ. ಬಸವನ ಬಾಗೇವಾಡಿಯಿಂದ ಬಸವಜ್ಯೋತಿ ಯಾತ್ರೆಯೂ ಆಗಮಿಸುತ್ತಿದೆ ಎಂದರು. ಇಡೀ ವಿಶ್ವಕ್ಕೆ ತಮ್ಮ ವಚನಗಳ ಮೂಲಕ ಉತ್ತಮ ಸಂದೇಶ

ನೀಡಿದ ಬಸವಣ್ಣನವರು ಶ್ರೇಷ್ಠ ದಾರ್ಶನಿಕರು, ಅವರಿಗೆ ಜನ್ಮನೀಡಿದ ಹಾಗೂ ಅವರ ಕರ್ಮಭೂಮಿ ಬಸವಕಲ್ಯಾಣ ಸೇರಿದಂತೆ ಎಲ್ಲೆಡೆಯೂ ಆಚರಿಸಲಾಗುತ್ತಿದೆ ಎಂದರು. ಜಿಲ್ಲಾಧಿಕಾರಿ ಡಾ.ಆನಂದ ಕೆ., ಜಿಪಂ ಸಿಇಒ ರಿಷಿ ಆನಂದ, ಜಿಲ್ಲಾ ಪೊಲೀಸ್ ವರಿಷ್ಠಾಧಿಕಾರಿ ಲಕ್ಷ್ಮಣ ನಿಂಬರಗಿ, ಮಹಾನಗರ ಪಾಲಿಕೆ ಆಯುಕ್ತ ವಿಜಯ ಮೆಕ್ಕಳಕಿ ಸೇರಿದಂತೆ ಜಿಲ್ಲಾ ಮಟ್ಟದ ಅಧಿಕಾರಿಗಳು, ವಿವಿಧ ಸಮಾಜದ ಮುಖಂಡರು, ಸಾರ್ವಜನಿಕರು ಇದ್ದರು.
